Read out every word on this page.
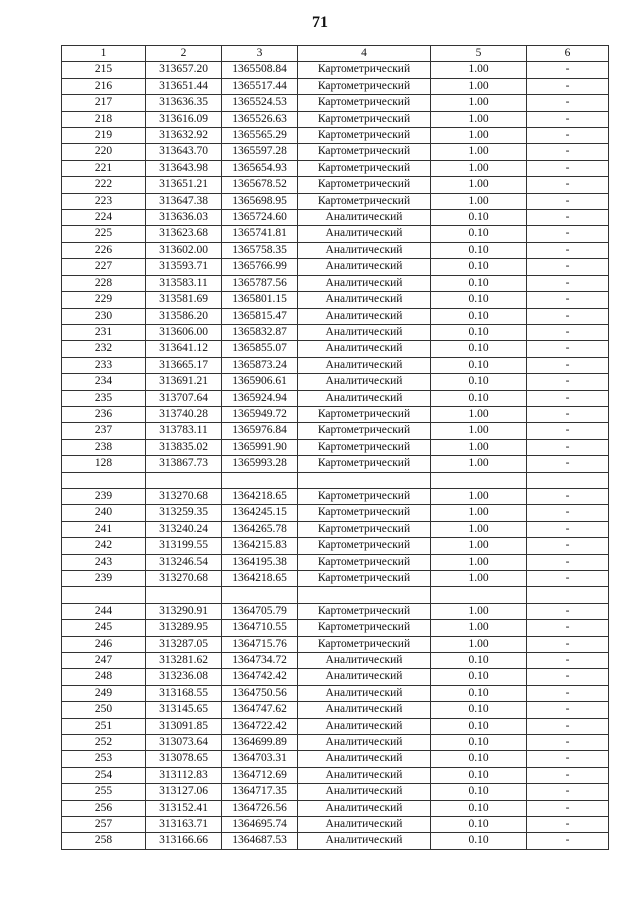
71
1	2	3	4	5	6
215	313657.20	1365508.84	Картометрический	1.00	-
216	313651.44	1365517.44	Картометрический	1.00	-
217	313636.35	1365524.53	Картометрический	1.00	-
218	313616.09	1365526.63	Картометрический	1.00	-
219	313632.92	1365565.29	Картометрический	1.00	-
220	313643.70	1365597.28	Картометрический	1.00	-
221	313643.98	1365654.93	Картометрический	1.00	-
222	313651.21	1365678.52	Картометрический	1.00	-
223	313647.38	1365698.95	Картометрический	1.00	-
224	313636.03	1365724.60	Аналитический	0.10	-
225	313623.68	1365741.81	Аналитический	0.10	-
226	313602.00	1365758.35	Аналитический	0.10	-
227	313593.71	1365766.99	Аналитический	0.10	-
228	313583.11	1365787.56	Аналитический	0.10	-
229	313581.69	1365801.15	Аналитический	0.10	-
230	313586.20	1365815.47	Аналитический	0.10	-
231	313606.00	1365832.87	Аналитический	0.10	-
232	313641.12	1365855.07	Аналитический	0.10	-
233	313665.17	1365873.24	Аналитический	0.10	-
234	313691.21	1365906.61	Аналитический	0.10	-
235	313707.64	1365924.94	Аналитический	0.10	-
236	313740.28	1365949.72	Картометрический	1.00	-
237	313783.11	1365976.84	Картометрический	1.00	-
238	313835.02	1365991.90	Картометрический	1.00	-
128	313867.73	1365993.28	Картометрический	1.00	-

239	313270.68	1364218.65	Картометрический	1.00	-
240	313259.35	1364245.15	Картометрический	1.00	-
241	313240.24	1364265.78	Картометрический	1.00	-
242	313199.55	1364215.83	Картометрический	1.00	-
243	313246.54	1364195.38	Картометрический	1.00	-
239	313270.68	1364218.65	Картометрический	1.00	-

244	313290.91	1364705.79	Картометрический	1.00	-
245	313289.95	1364710.55	Картометрический	1.00	-
246	313287.05	1364715.76	Картометрический	1.00	-
247	313281.62	1364734.72	Аналитический	0.10	-
248	313236.08	1364742.42	Аналитический	0.10	-
249	313168.55	1364750.56	Аналитический	0.10	-
250	313145.65	1364747.62	Аналитический	0.10	-
251	313091.85	1364722.42	Аналитический	0.10	-
252	313073.64	1364699.89	Аналитический	0.10	-
253	313078.65	1364703.31	Аналитический	0.10	-
254	313112.83	1364712.69	Аналитический	0.10	-
255	313127.06	1364717.35	Аналитический	0.10	-
256	313152.41	1364726.56	Аналитический	0.10	-
257	313163.71	1364695.74	Аналитический	0.10	-
258	313166.66	1364687.53	Аналитический	0.10	-
